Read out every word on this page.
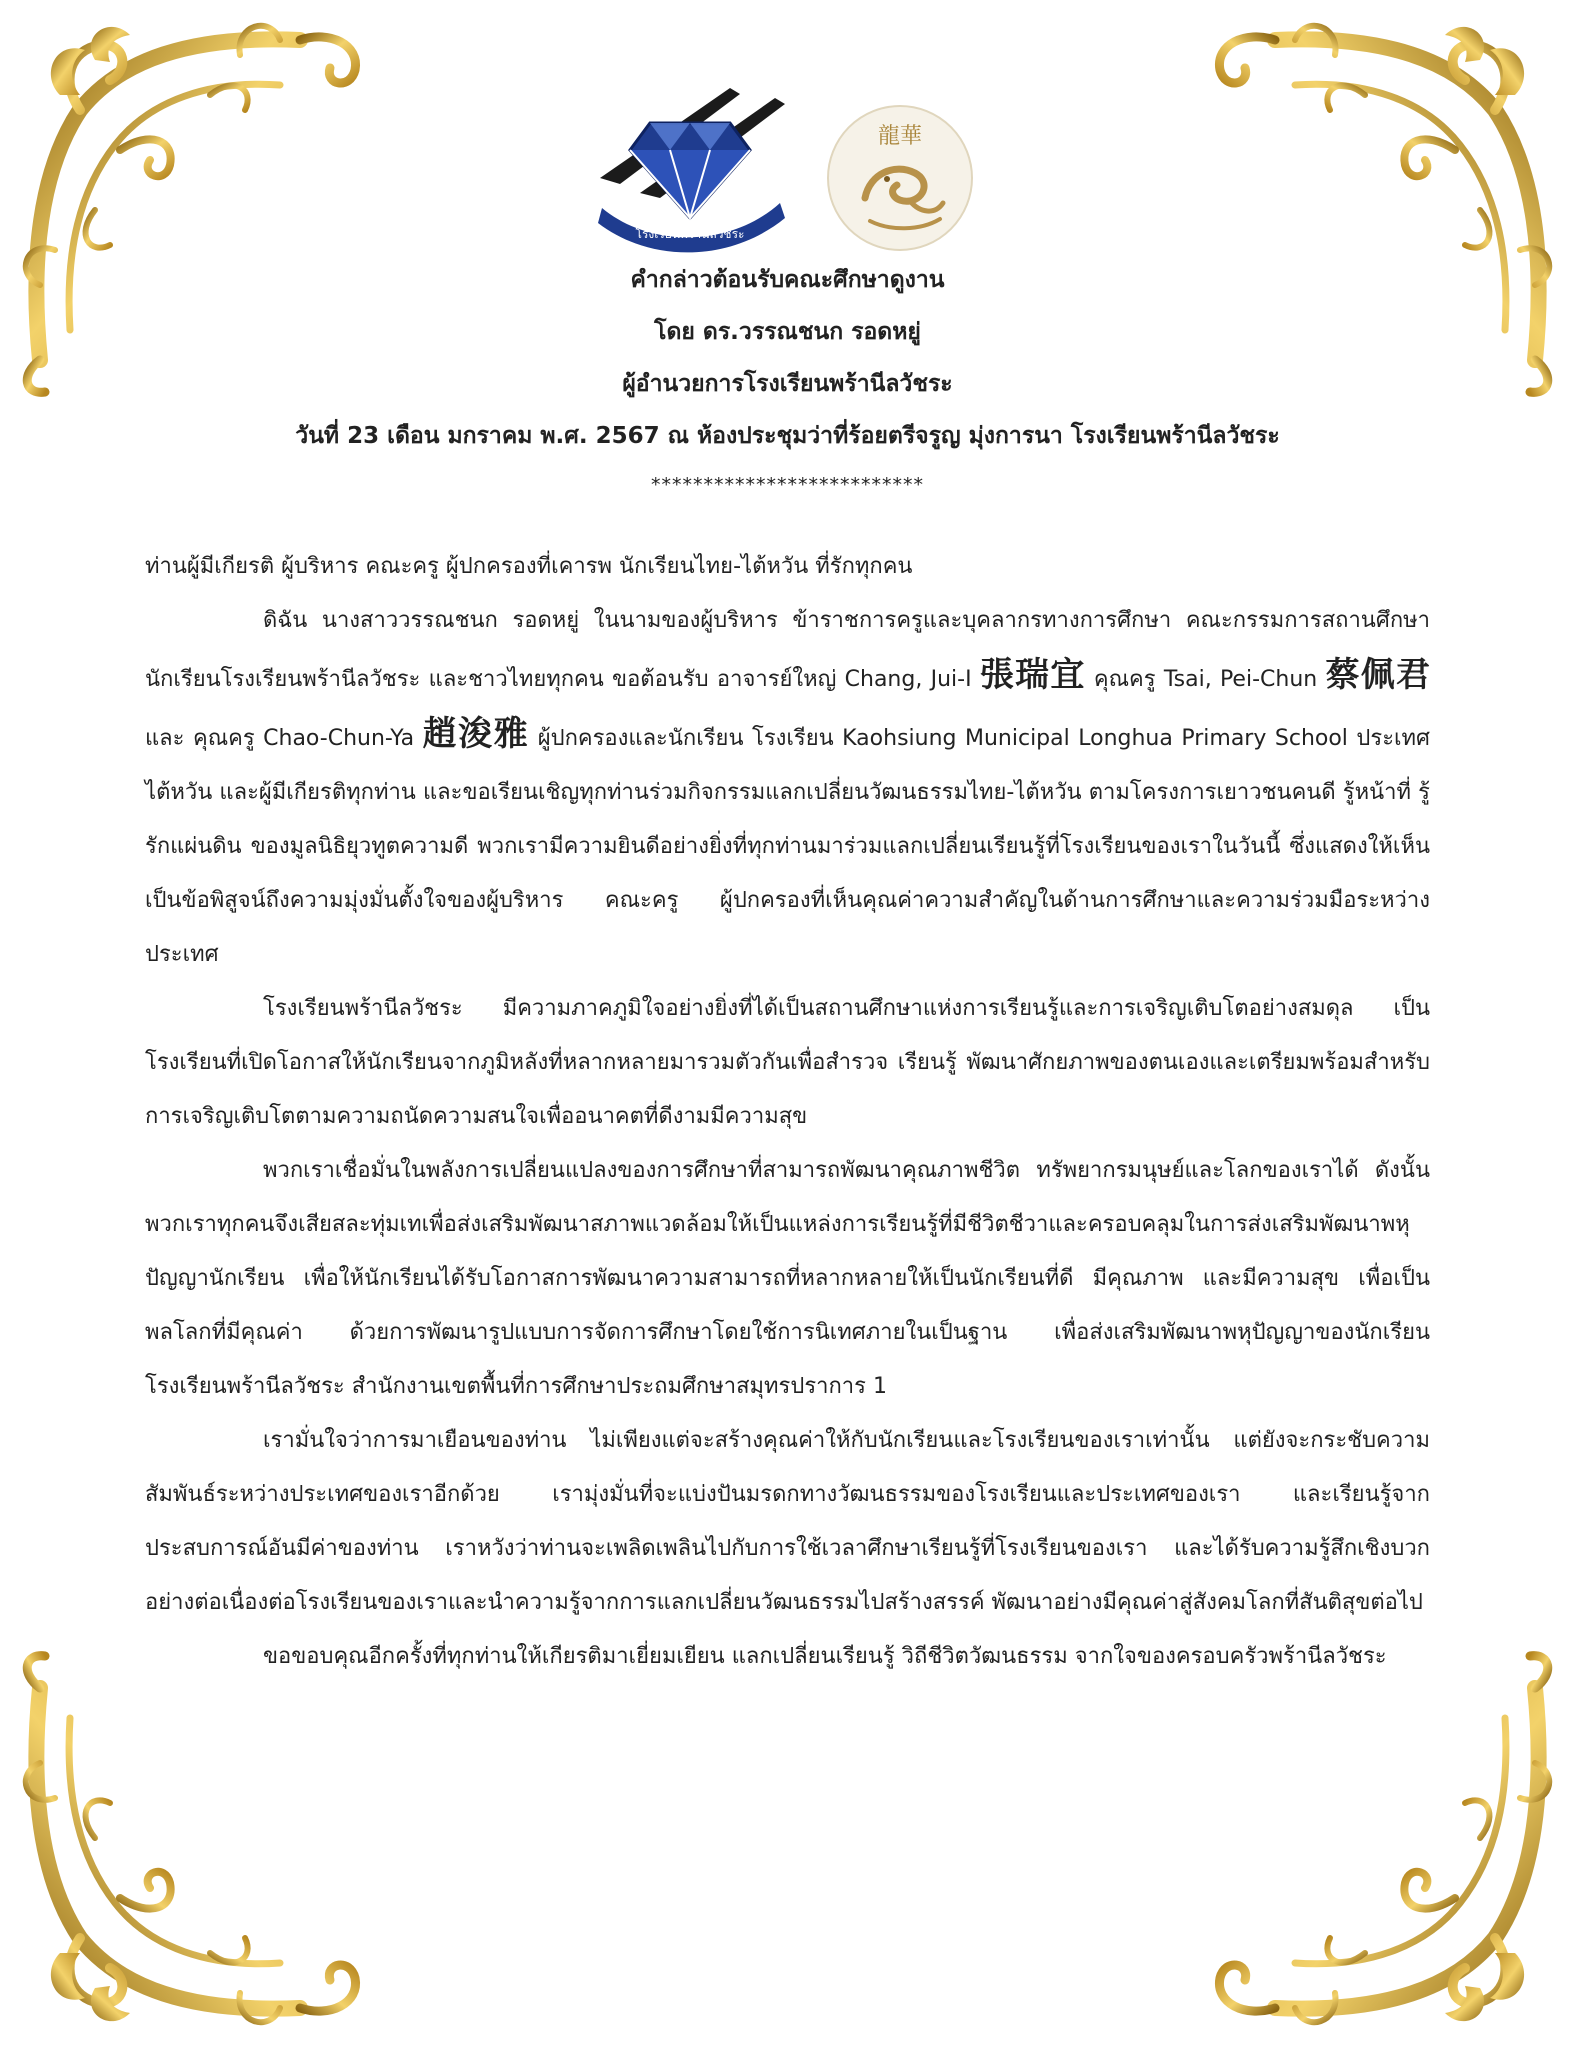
โรงเรียนพร้านีลวัชระ
龍華
คำกล่าวต้อนรับคณะศึกษาดูงาน
โดย ดร.วรรณชนก รอดหยู่
ผู้อำนวยการโรงเรียนพร้านีลวัชระ
วันที่ 23 เดือน มกราคม พ.ศ. 2567 ณ ห้องประชุมว่าที่ร้อยตรีจรูญ มุ่งการนา โรงเรียนพร้านีลวัชระ
**************************

ท่านผู้มีเกียรติ ผู้บริหาร คณะครู ผู้ปกครองที่เคารพ นักเรียนไทย-ไต้หวัน ที่รักทุกคน

ดิฉัน นางสาววรรณชนก รอดหยู่ ในนามของผู้บริหาร ข้าราชการครูและบุคลากรทางการศึกษา คณะกรรมการสถานศึกษา นักเรียนโรงเรียนพร้านีลวัชระ และชาวไทยทุกคน ขอต้อนรับ อาจารย์ใหญ่ Chang, Jui-I 張瑞宜 คุณครู Tsai, Pei-Chun 蔡佩君 และ คุณครู Chao-Chun-Ya 趙浚雅 ผู้ปกครองและนักเรียน โรงเรียน Kaohsiung Municipal Longhua Primary School ประเทศไต้หวัน และผู้มีเกียรติทุกท่าน และขอเรียนเชิญทุกท่านร่วมกิจกรรมแลกเปลี่ยนวัฒนธรรมไทย-ไต้หวัน ตามโครงการเยาวชนคนดี รู้หน้าที่ รู้รักแผ่นดิน ของมูลนิธิยุวทูตความดี พวกเรามีความยินดีอย่างยิ่งที่ทุกท่านมาร่วมแลกเปลี่ยนเรียนรู้ที่โรงเรียนของเราในวันนี้ ซึ่งแสดงให้เห็นเป็นข้อพิสูจน์ถึงความมุ่งมั่นตั้งใจของผู้บริหาร คณะครู ผู้ปกครองที่เห็นคุณค่าความสำคัญในด้านการศึกษาและความร่วมมือระหว่างประเทศ

โรงเรียนพร้านีลวัชระ มีความภาคภูมิใจอย่างยิ่งที่ได้เป็นสถานศึกษาแห่งการเรียนรู้และการเจริญเติบโตอย่างสมดุล เป็นโรงเรียนที่เปิดโอกาสให้นักเรียนจากภูมิหลังที่หลากหลายมารวมตัวกันเพื่อสำรวจ เรียนรู้ พัฒนาศักยภาพของตนเองและเตรียมพร้อมสำหรับการเจริญเติบโตตามความถนัดความสนใจเพื่ออนาคตที่ดีงามมีความสุข

พวกเราเชื่อมั่นในพลังการเปลี่ยนแปลงของการศึกษาที่สามารถพัฒนาคุณภาพชีวิต ทรัพยากรมนุษย์และโลกของเราได้ ดังนั้น พวกเราทุกคนจึงเสียสละทุ่มเทเพื่อส่งเสริมพัฒนาสภาพแวดล้อมให้เป็นแหล่งการเรียนรู้ที่มีชีวิตชีวาและครอบคลุมในการส่งเสริมพัฒนาพหุปัญญานักเรียน เพื่อให้นักเรียนได้รับโอกาสการพัฒนาความสามารถที่หลากหลายให้เป็นนักเรียนที่ดี มีคุณภาพ และมีความสุข เพื่อเป็นพลโลกที่มีคุณค่า ด้วยการพัฒนารูปแบบการจัดการศึกษาโดยใช้การนิเทศภายในเป็นฐาน เพื่อส่งเสริมพัฒนาพหุปัญญาของนักเรียนโรงเรียนพร้านีลวัชระ สำนักงานเขตพื้นที่การศึกษาประถมศึกษาสมุทรปราการ 1

เรามั่นใจว่าการมาเยือนของท่าน ไม่เพียงแต่จะสร้างคุณค่าให้กับนักเรียนและโรงเรียนของเราเท่านั้น แต่ยังจะกระชับความสัมพันธ์ระหว่างประเทศของเราอีกด้วย เรามุ่งมั่นที่จะแบ่งปันมรดกทางวัฒนธรรมของโรงเรียนและประเทศของเรา และเรียนรู้จากประสบการณ์อันมีค่าของท่าน เราหวังว่าท่านจะเพลิดเพลินไปกับการใช้เวลาศึกษาเรียนรู้ที่โรงเรียนของเรา และได้รับความรู้สึกเชิงบวกอย่างต่อเนื่องต่อโรงเรียนของเราและนำความรู้จากการแลกเปลี่ยนวัฒนธรรมไปสร้างสรรค์ พัฒนาอย่างมีคุณค่าสู่สังคมโลกที่สันติสุขต่อไป

ขอขอบคุณอีกครั้งที่ทุกท่านให้เกียรติมาเยี่ยมเยียน แลกเปลี่ยนเรียนรู้ วิถีชีวิตวัฒนธรรม จากใจของครอบครัวพร้านีลวัชระ
